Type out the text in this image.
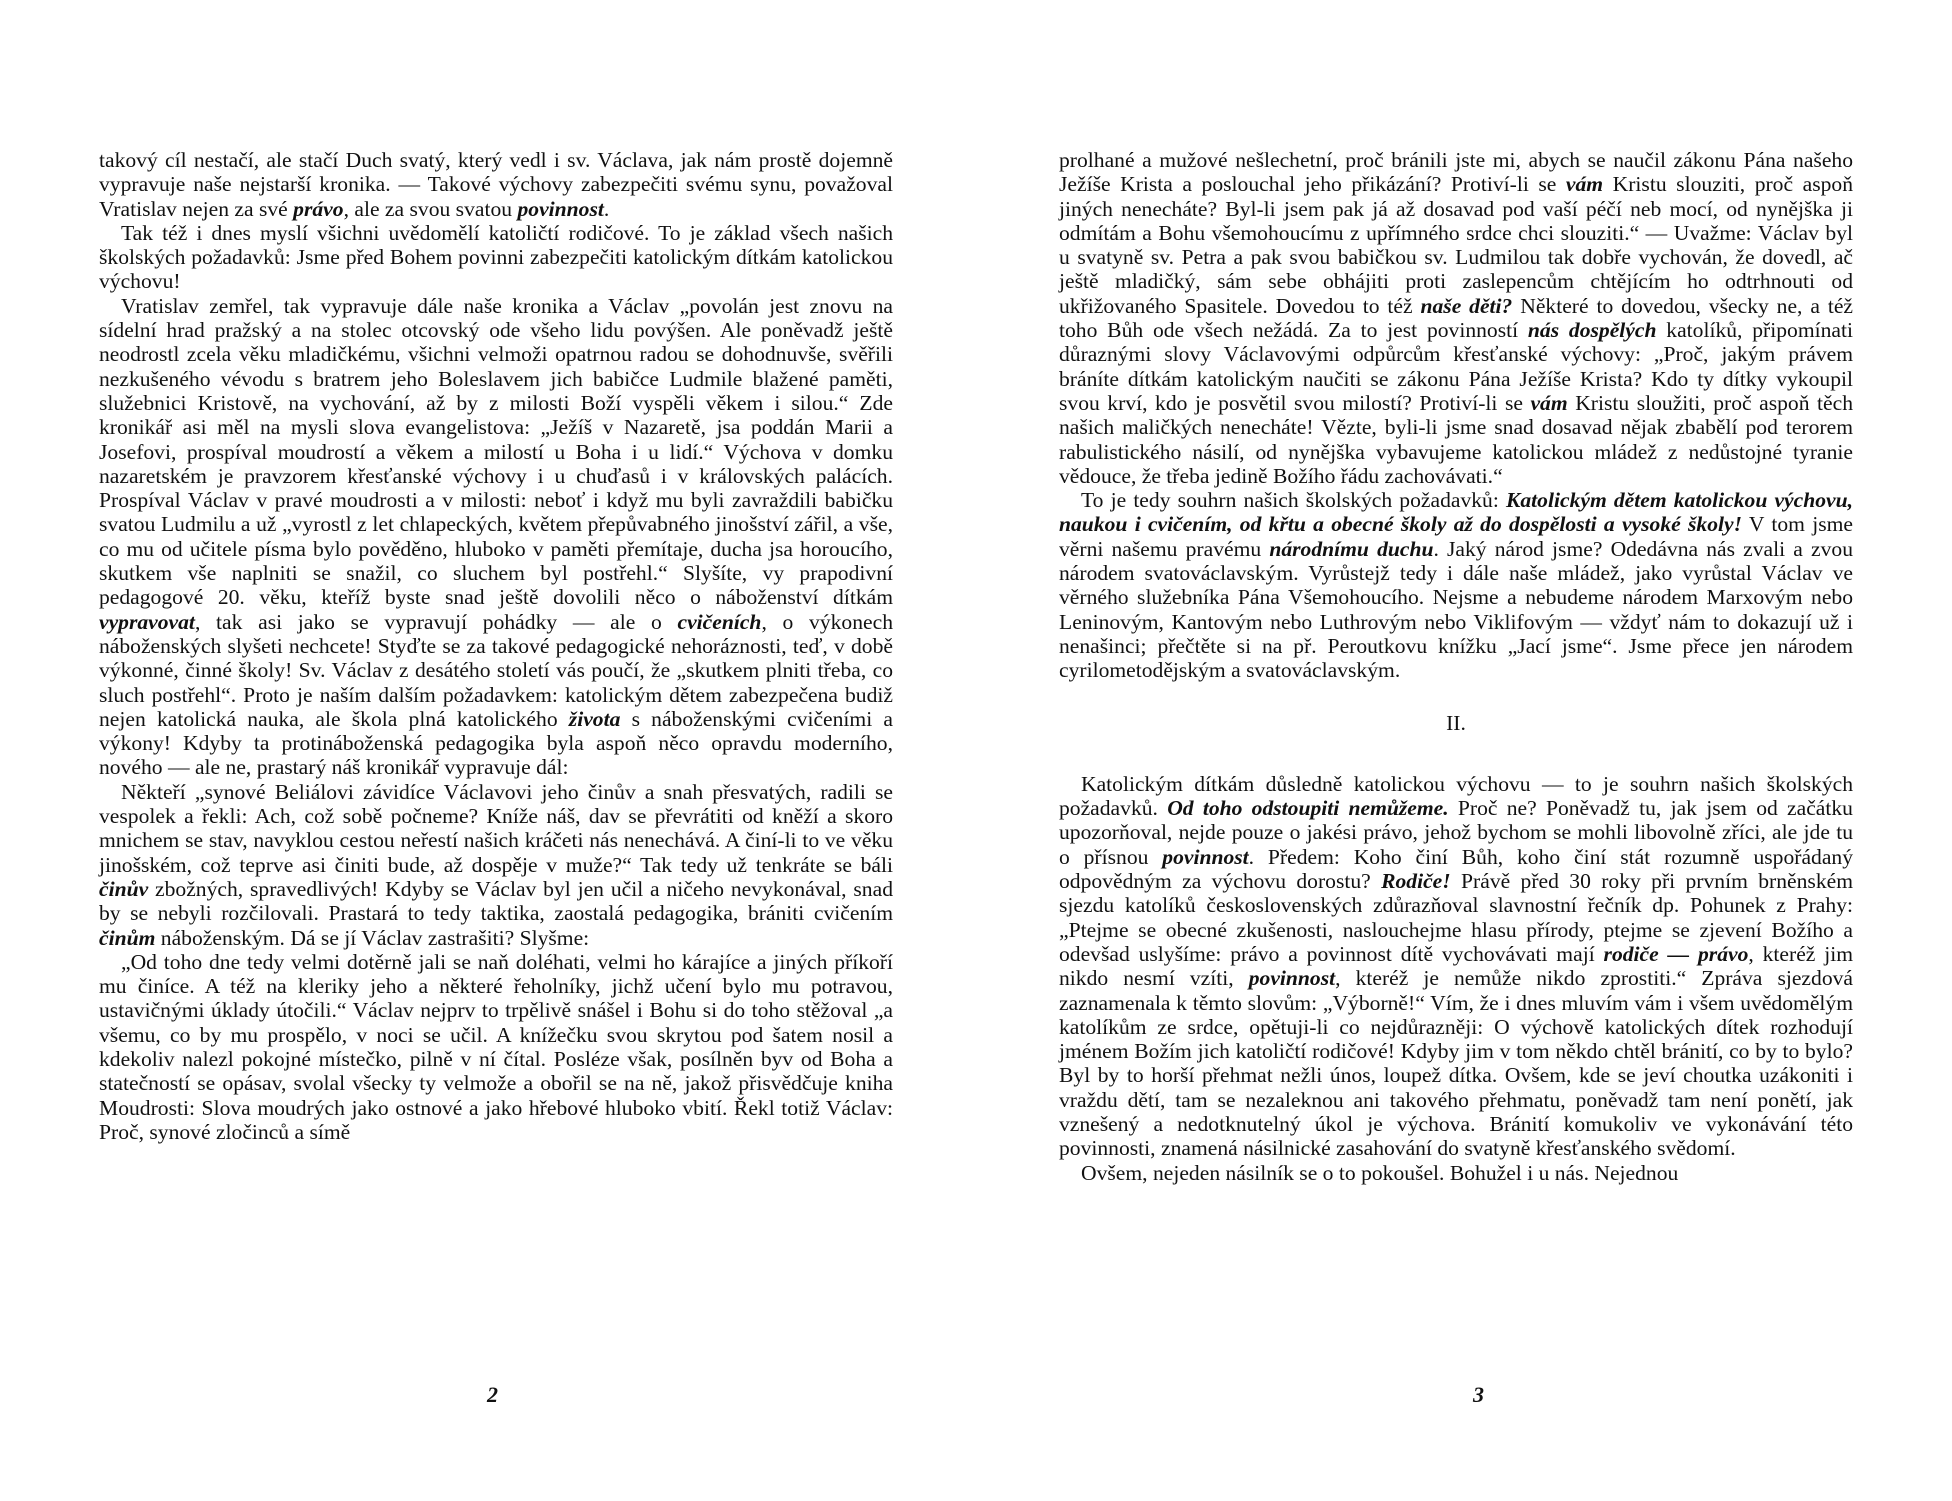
takový cíl nestačí, ale stačí Duch svatý, který vedl i sv. Václava, jak nám prostě dojemně vypravuje naše nejstarší kronika. — Takové výchovy zabezpečiti svému synu, považoval Vratislav nejen za své právo, ale za svou svatou povinnost.

Tak též i dnes myslí všichni uvědomělí katoličtí rodičové. To je základ všech našich školských požadavků: Jsme před Bohem povinni zabezpečiti katolickým dítkám katolickou výchovu!

Vratislav zemřel, tak vypravuje dále naše kronika a Václav „povolán jest znovu na sídelní hrad pražský a na stolec otcovský ode všeho lidu povýšen. Ale poněvadž ještě neodrostl zcela věku mladičkému, všichni velmoži opatrnou radou se dohodnuvše, svěřili nezkušeného vévodu s bratrem jeho Boleslavem jich babičce Ludmile blažené paměti, služebnici Kristově, na vychování, až by z milosti Boží vyspěli věkem i silou.“ Zde kronikář asi měl na mysli slova evangelistova: „Ježíš v Nazaretě, jsa poddán Marii a Josefovi, prospíval moudrostí a věkem a milostí u Boha i u lidí.“ Výchova v domku nazaretském je pravzorem křesťanské výchovy i u chuďasů i v královských palácích. Prospíval Václav v pravé moudrosti a v milosti: neboť i když mu byli zavraždili babičku svatou Ludmilu a už „vyrostl z let chlapeckých, květem přepůvabného jinošství zářil, a vše, co mu od učitele písma bylo pověděno, hluboko v paměti přemítaje, ducha jsa horoucího, skutkem vše naplniti se snažil, co sluchem byl postřehl.“ Slyšíte, vy prapodivní pedagogové 20. věku, kteříž byste snad ještě dovolili něco o náboženství dítkám vypravovat, tak asi jako se vypravují pohádky — ale o cvičeních, o výkonech náboženských slyšeti nechcete! Styďte se za takové pedagogické nehoráznosti, teď, v době výkonné, činné školy! Sv. Václav z desátého století vás poučí, že „skutkem plniti třeba, co sluch postřehl“. Proto je naším dalším požadavkem: katolickým dětem zabezpečena budiž nejen katolická nauka, ale škola plná katolického života s náboženskými cvičeními a výkony! Kdyby ta protináboženská pedagogika byla aspoň něco opravdu moderního, nového — ale ne, prastarý náš kronikář vypravuje dál:

Někteří „synové Beliálovi závidíce Václavovi jeho činův a snah přesvatých, radili se vespolek a řekli: Ach, což sobě počneme? Kníže náš, dav se převrátiti od kněží a skoro mnichem se stav, navyklou cestou neřestí našich kráčeti nás nenechává. A činí-li to ve věku jinošském, což teprve asi činiti bude, až dospěje v muže?“ Tak tedy už tenkráte se báli činův zbožných, spravedlivých! Kdyby se Václav byl jen učil a ničeho nevykonával, snad by se nebyli rozčilovali. Prastará to tedy taktika, zaostalá pedagogika, brániti cvičením činům náboženským. Dá se jí Václav zastrašiti? Slyšme:

„Od toho dne tedy velmi dotěrně jali se naň doléhati, velmi ho kárajíce a jiných příkoří mu činíce. A též na kleriky jeho a některé řeholníky, jichž učení bylo mu potravou, ustavičnými úklady útočili.“ Václav nejprv to trpělivě snášel i Bohu si do toho stěžoval „a všemu, co by mu prospělo, v noci se učil. A knížečku svou skrytou pod šatem nosil a kdekoliv nalezl pokojné místečko, pilně v ní čítal. Posléze však, posílněn byv od Boha a statečností se opásav, svolal všecky ty velmože a obořil se na ně, jakož přisvědčuje kniha Moudrosti: Slova moudrých jako ostnové a jako hřebové hluboko vbití. Řekl totiž Václav: Proč, synové zločinců a símě

2

prolhané a mužové nešlechetní, proč bránili jste mi, abych se naučil zákonu Pána našeho Ježíše Krista a poslouchal jeho přikázání? Protiví-li se vám Kristu slouziti, proč aspoň jiných nenecháte? Byl-li jsem pak já až dosavad pod vaší péčí neb mocí, od nynějška ji odmítám a Bohu všemohoucímu z upřímného srdce chci slouziti.“ — Uvažme: Václav byl u svatyně sv. Petra a pak svou babičkou sv. Ludmilou tak dobře vychován, že dovedl, ač ještě mladičký, sám sebe obhájiti proti zaslepencům chtějícím ho odtrhnouti od ukřižovaného Spasitele. Dovedou to též naše děti? Některé to dovedou, všecky ne, a též toho Bůh ode všech nežádá. Za to jest povinností nás dospělých katolíků, připomínati důraznými slovy Václavovými odpůrcům křesťanské výchovy: „Proč, jakým právem bráníte dítkám katolickým naučiti se zákonu Pána Ježíše Krista? Kdo ty dítky vykoupil svou krví, kdo je posvětil svou milostí? Protiví-li se vám Kristu sloužiti, proč aspoň těch našich maličkých nenecháte! Vězte, byli-li jsme snad dosavad nějak zbabělí pod terorem rabulistického násilí, od nynějška vybavujeme katolickou mládež z nedůstojné tyranie vědouce, že třeba jedině Božího řádu zachovávati.“

To je tedy souhrn našich školských požadavků: Katolickým dětem katolickou výchovu, naukou i cvičením, od křtu a obecné školy až do dospělosti a vysoké školy! V tom jsme věrni našemu pravému národnímu duchu. Jaký národ jsme? Odedávna nás zvali a zvou národem svatováclavským. Vyrůstejž tedy i dále naše mládež, jako vyrůstal Václav ve věrného služebníka Pána Všemohoucího. Nejsme a nebudeme národem Marxovým nebo Leninovým, Kantovým nebo Luthrovým nebo Viklifovým — vždyť nám to dokazují už i nenašinci; přečtěte si na př. Peroutkovu knížku „Jací jsme“. Jsme přece jen národem cyrilometodějským a svatováclavským.

II.

Katolickým dítkám důsledně katolickou výchovu — to je souhrn našich školských požadavků. Od toho odstoupiti nemůžeme. Proč ne? Poněvadž tu, jak jsem od začátku upozorňoval, nejde pouze o jakési právo, jehož bychom se mohli libovolně zříci, ale jde tu o přísnou povinnost. Předem: Koho činí Bůh, koho činí stát rozumně uspořádaný odpovědným za výchovu dorostu? Rodiče! Právě před 30 roky při prvním brněnském sjezdu katolíků československých zdůrazňoval slavnostní řečník dp. Pohunek z Prahy: „Ptejme se obecné zkušenosti, naslouchejme hlasu přírody, ptejme se zjevení Božího a odevšad uslyšíme: právo a povinnost dítě vychovávati mají rodiče — právo, kteréž jim nikdo nesmí vzíti, povinnost, kteréž je nemůže nikdo zprostiti.“ Zpráva sjezdová zaznamenala k těmto slovům: „Výborně!“ Vím, že i dnes mluvím vám i všem uvědomělým katolíkům ze srdce, opětuji-li co nejdůrazněji: O výchově katolických dítek rozhodují jménem Božím jich katoličtí rodičové! Kdyby jim v tom někdo chtěl bránití, co by to bylo? Byl by to horší přehmat nežli únos, loupež dítka. Ovšem, kde se jeví choutka uzákoniti i vraždu dětí, tam se nezaleknou ani takového přehmatu, poněvadž tam není ponětí, jak vznešený a nedotknutelný úkol je výchova. Bránití komukoliv ve vykonávání této povinnosti, znamená násilnické zasahování do svatyně křesťanského svědomí.

Ovšem, nejeden násilník se o to pokoušel. Bohužel i u nás. Nejednou

3
